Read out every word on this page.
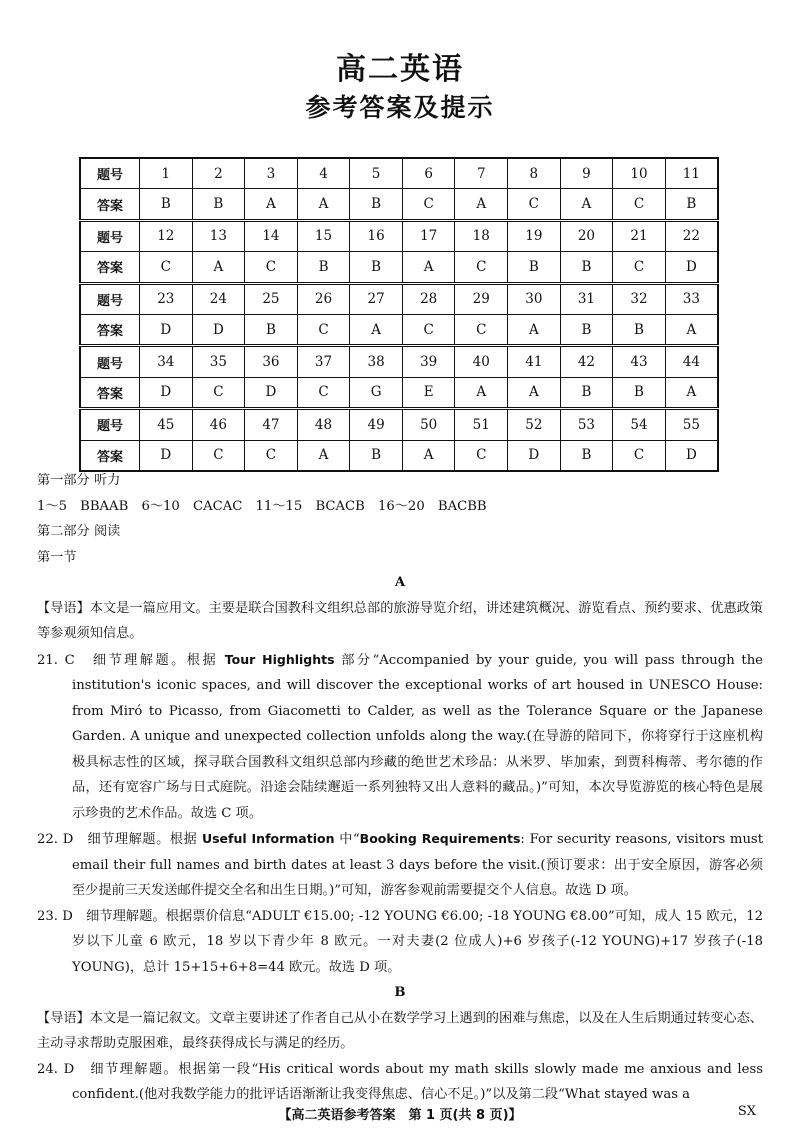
高二英语
参考答案及提示
题号	1	2	3	4	5	6	7	8	9	10	11
答案	B	B	A	A	B	C	A	C	A	C	B
题号	12	13	14	15	16	17	18	19	20	21	22
答案	C	A	C	B	B	A	C	B	B	C	D
题号	23	24	25	26	27	28	29	30	31	32	33
答案	D	D	B	C	A	C	C	A	B	B	A
题号	34	35	36	37	38	39	40	41	42	43	44
答案	D	C	D	C	G	E	A	A	B	B	A
题号	45	46	47	48	49	50	51	52	53	54	55
答案	D	C	C	A	B	A	C	D	B	C	D

第一部分 听力

1～5　BBAAB　6～10　CACAC　11～15　BCACB　16～20　BACBB

第二部分 阅读

第一节

A

【导语】本文是一篇应用文。主要是联合国教科文组织总部的旅游导览介绍，讲述建筑概况、游览看点、预约要求、优惠政策等参观须知信息。

21. C　细节理解题。根据 Tour Highlights 部分“Accompanied by your guide, you will pass through the institution's iconic spaces, and will discover the exceptional works of art housed in UNESCO House: from Miró to Picasso, from Giacometti to Calder, as well as the Tolerance Square or the Japanese Garden. A unique and unexpected collection unfolds along the way.(在导游的陪同下，你将穿行于这座机构极具标志性的区域，探寻联合国教科文组织总部内珍藏的绝世艺术珍品：从米罗、毕加索，到贾科梅蒂、考尔德的作品，还有宽容广场与日式庭院。沿途会陆续邂逅一系列独特又出人意料的藏品。)”可知，本次导览游览的核心特色是展示珍贵的艺术作品。故选 C 项。

22. D　细节理解题。根据 Useful Information 中“Booking Requirements: For security reasons, visitors must email their full names and birth dates at least 3 days before the visit.(预订要求：出于安全原因，游客必须至少提前三天发送邮件提交全名和出生日期。)”可知，游客参观前需要提交个人信息。故选 D 项。

23. D　细节理解题。根据票价信息“ADULT €15.00; -12 YOUNG €6.00; -18 YOUNG €8.00”可知，成人 15 欧元，12 岁以下儿童 6 欧元，18 岁以下青少年 8 欧元。一对夫妻(2 位成人)+6 岁孩子(-12 YOUNG)+17 岁孩子(-18 YOUNG)，总计 15+15+6+8=44 欧元。故选 D 项。

B

【导语】本文是一篇记叙文。文章主要讲述了作者自己从小在数学学习上遇到的困难与焦虑，以及在人生后期通过转变心态、主动寻求帮助克服困难，最终获得成长与满足的经历。

24. D　细节理解题。根据第一段“His critical words about my math skills slowly made me anxious and less confident.(他对我数学能力的批评话语渐渐让我变得焦虑、信心不足。)”以及第二段“What stayed was a

【高二英语参考答案　第 1 页(共 8 页)】	SX
